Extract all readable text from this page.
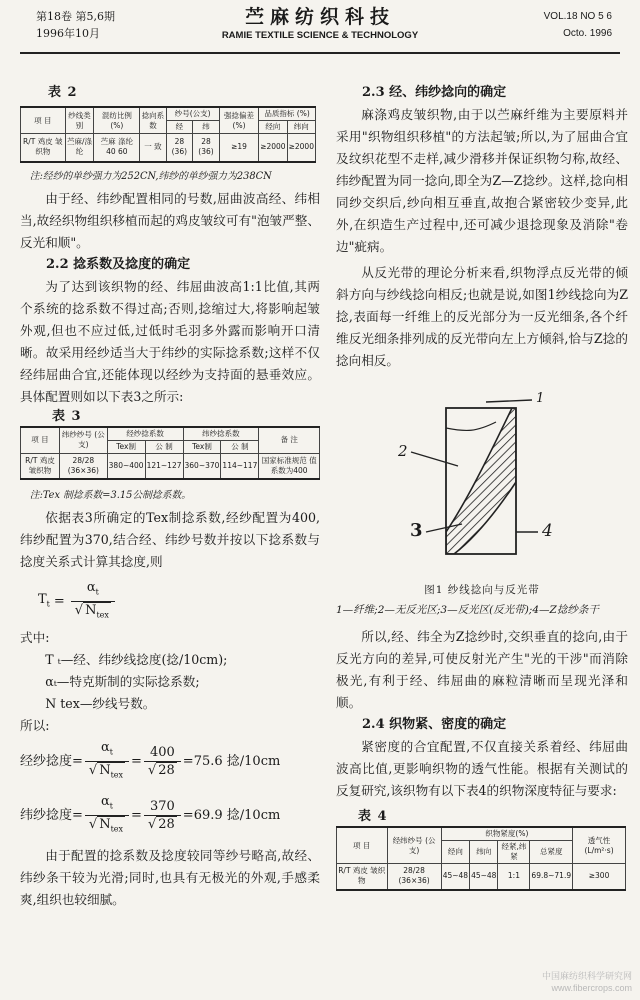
第18卷 第5,6期
1996年10月
苎麻纺织科技
RAMIE TEXTILE SCIENCE & TECHNOLOGY
VOL.18 NO 5 6
Octo. 1996
表 2
项 目	纱线类别	混纺比例 (%)	捻向系数	纱号(公支)		强捻偏差 (%)	品质指标 (%)	
				经	纬		经向	纬向
R/T 鸡皮 皱织物	苎麻/涤纶	苎麻 涤纶 40 60	一 致	28 (36)	28 (36)	≥19	≥2000	≥2000

注:经纱的单纱强力为252CN,纬纱的单纱强力为238CN

由于经、纬纱配置相同的号数,屈曲波高经、纬相当,故经织物组织移植而起的鸡皮皱纹可有"泡皱严整、反光和顺"。

2.2 捻系数及捻度的确定

为了达到该织物的经、纬屈曲波高1:1比值,其两个系统的捻系数不得过高;否则,捻缩过大,将影响起皱外观,但也不应过低,过低时毛羽多外露而影响开口清晰。故采用经纱适当大于纬纱的实际捻系数;这样不仅经纬屈曲合宜,还能体现以经纱为支持面的悬垂效应。具体配置则如以下表3之所示:

表 3
项 目	纬纱纱号 (公支)	经纱捻系数		纬纱捻系数		备 注
		Tex制	公 制	Tex制	公 制	
R/T 鸡皮 皱织物	28/28 (36×36)	380~400	121~127	360~370	114~117	国家标准规范 值系数为400

注:Tex 制捻系数=3.15公制捻系数。

依据表3所确定的Tex制捻系数,经纱配置为400,纬纱配置为370,结合经、纬纱号数并按以下捻系数与捻度关系式计算其捻度,则

$T_t = \frac{\alpha_t}{√ N_{tex}}$

式中:

T ₜ—经、纬纱线捻度(捻/10cm);

αₜ—特克斯制的实际捻系数;

N tex—纱线号数。

所以:

经纱捻度= $\frac{\alpha_t}{√ N_{tex}} = \frac{400}{√ 28} =75.6$ 捻/10cm
纬纱捻度= $\frac{\alpha_t}{√ N_{tex}} = \frac{370}{√ 28} =69.9$ 捻/10cm

由于配置的捻系数及捻度较同等纱号略高,故经、纬纱条干较为光滑;同时,也具有无极光的外观,手感柔爽,组织也较细腻。

2.3 经、纬纱捻向的确定

麻涤鸡皮皱织物,由于以苎麻纤维为主要原料并采用"织物组织移植"的方法起皱;所以,为了屈曲合宜及纹织花型不走样,减少滑移并保证织物匀称,故经、纬纱配置为同一捻向,即全为Z—Z捻纱。这样,捻向相同纱交织后,纱向相互垂直,故抱合紧密较少变异,此外,在织造生产过程中,还可减少退捻现象及消除"卷边"疵病。

从反光带的理论分析来看,织物浮点反光带的倾斜方向与纱线捻向相反;也就是说,如图1纱线捻向为Z捻,表面每一纤维上的反光部分为一反光细条,各个纤维反光细条排列成的反光带向左上方倾斜,恰与Z捻的捻向相反。

1
2
3	4
图1 纱线捻向与反光带

1—纤维;2—无反光区;3—反光区(反光带);4—Z捻纱条干

所以,经、纬全为Z捻纱时,交织垂直的捻向,由于反光方向的差异,可使反射光产生"光的干涉"而消除极光,有利于经、纬屈曲的麻粒清晰而呈现光泽和顺。

2.4 织物紧、密度的确定

紧密度的合宜配置,不仅直接关系着经、纬屈曲波高比值,更影响织物的透气性能。根据有关测试的反复研究,该织物有以下表4的织物深度特征与要求:

表 4
项 目	经纬纱号 (公支)	织物紧度(%)				透气性 (L/m²·s)
		经向	纬向	经紧,纬紧	总紧度	
R/T 鸡皮 皱织物	28/28 (36×36)	45~48	45~48	1:1	69.8~71.9	≥300
中国麻纺织科学研究网
www.fibercrops.com
